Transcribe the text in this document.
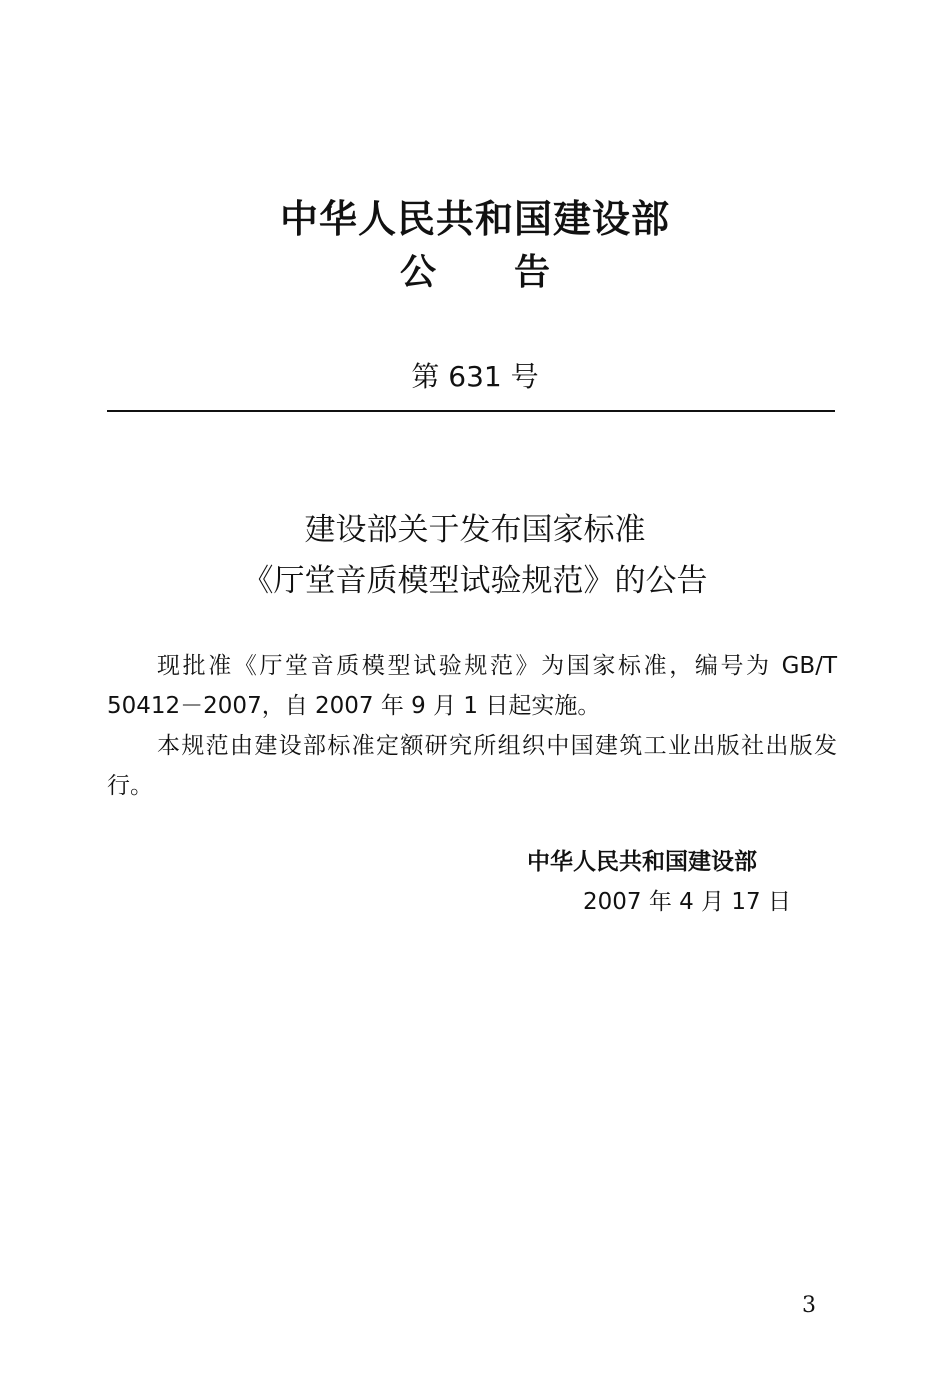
中华人民共和国建设部
公 告
第 631 号
建设部关于发布国家标准
《厅堂音质模型试验规范》的公告

现批准《厅堂音质模型试验规范》为国家标准，编号为 GB/T 50412－2007，自 2007 年 9 月 1 日起实施。

本规范由建设部标准定额研究所组织中国建筑工业出版社出版发行。

中华人民共和国建设部
2007 年 4 月 17 日
3
